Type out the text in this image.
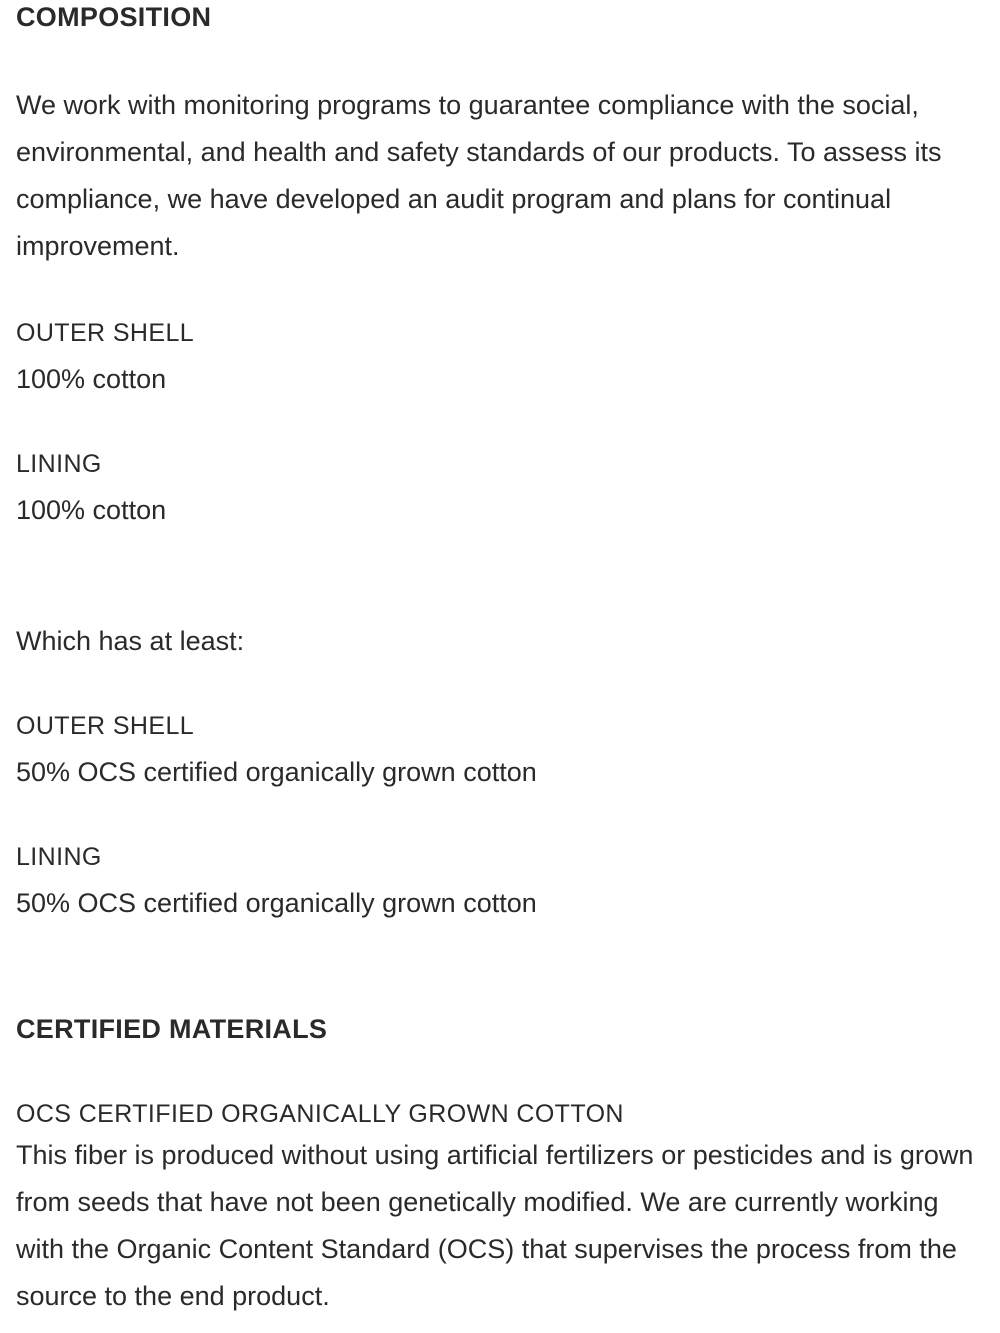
COMPOSITION

We work with monitoring programs to guarantee compliance with the social, environmental, and health and safety standards of our products. To assess its compliance, we have developed an audit program and plans for continual improvement.

OUTER SHELL
100% cotton
LINING
100% cotton

Which has at least:

OUTER SHELL
50% OCS certified organically grown cotton
LINING
50% OCS certified organically grown cotton
CERTIFIED MATERIALS
OCS CERTIFIED ORGANICALLY GROWN COTTON

This fiber is produced without using artificial fertilizers or pesticides and is grown from seeds that have not been genetically modified. We are currently working with the Organic Content Standard (OCS) that supervises the process from the source to the end product.
